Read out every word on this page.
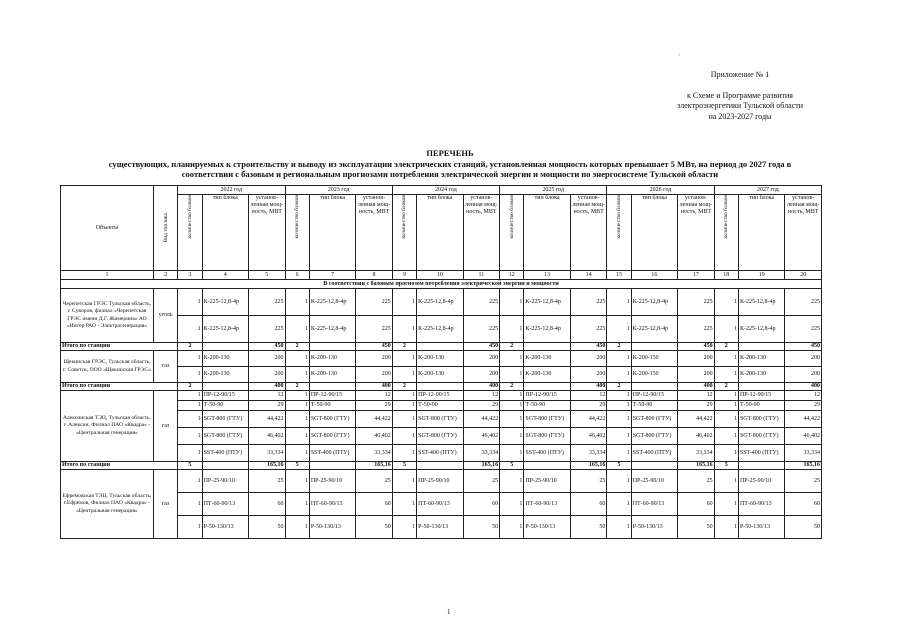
ˏ
Приложение № 1
к Схеме и Программе развития
электроэнергетики Тульской области
на 2023-2027 годы
ПЕРЕЧЕНЬ
существующих, планируемых к строительству и выводу из эксплуатации электрических станций, установленная мощность которых превышает 5 МВт, на период до 2027 года в
соответствии с базовым и региональным прогнозами потребления электрической энергии и мощности по энергосистеме Тульской области
Объекты	Вид топлива	2022 год			2023 год			2024 год			2025 год			2026 год			2027 год		

		количество блоков	тип блока	установ-ленная мощ-ность, МВТ	количество блоков	тип блока	установ-ленная мощ-ность, МВТ	количество блоков	тип блока	установ-ленная мощ-ность, МВТ	количество блоков	тип блока	установ-ленная мощ-ность, МВТ	количество блоков	тип блока	установ-ленная мощ-ность, МВТ	количество блоков	тип блока	установ-ленная мощ-ность, МВТ
1	2	3	4	5	6	7	8	9	10	11	12	13	14	15	16	17	18	19	20
В соответствии с базовым прогнозом потребления электрической энергии и мощности																			
Черепетская ГРЭС Тульская область, г. Суворов, филиал «Черепетская ГРЭС имени Д.Г. Жимерина» АО «Интер РАО - Электрогенерация»	уголь	1	К-225-12,8-4р	225	1	К-225-12,8-4р	225	1	К-225-12,8-4р	225	1	К-225-12,8-4р	225	1	К-225-12,8-4р	225	1	К-225-12,8-4р	225
		1	К-225-12,8-4р	225	1	К-225-12,8-4р	225	1	К-225-12,8-4р	225	1	К-225-12,8-4р	225	1	К-225-12,8-4р	225	1	К-225-12,8-4р	225
Итого по станции		2		450	2		450	2		450	2		450	2		450	2		450
Щекинская ГРЭС, Тульская область, г. Советск, ООО «Щекинская ГРЭС»	газ	1	К-200-130	200	1	К-200-130	200	1	К-200-130	200	1	К-200-130	200	1	К-200-130	200	1	К-200-130	200
		1	К-200-130	200	1	К-200-130	200	1	К-200-130	200	1	К-200-130	200	1	К-200-130	200	1	К-200-130	200
Итого по станции		2		400	2		400	2		400	2		400	2		400	2		400
Алексинская ТЭЦ, Тульская область, г. Алексин, Филиал ПАО «Квадра» - «Центральная генерация»	газ	1	ПР-12-90/15	12	1	ПР-12-90/15	12	1	ПР-12-90/15	12	1	ПР-12-90/15	12	1	ПР-12-90/15	12	1	ПР-12-90/15	12
		1	Т-50-90	29	1	Т-50-90	29	1	Т-50-90	29	1	Т-50-90	29	1	Т-50-90	29	1	Т-50-90	29
		1	SGT-800 (ГТУ)	44,422	1	SGT-800 (ГТУ)	44,422	1	SGT-800 (ГТУ)	44,422	1	SGT-800 (ГТУ)	44,422	1	SGT-800 (ГТУ)	44,422	1	SGT-800 (ГТУ)	44,422
		1	SGT-800 (ГТУ)	46,402	1	SGT-800 (ГТУ)	46,402	1	SGT-800 (ГТУ)	46,402	1	SGT-800 (ГТУ)	46,402	1	SGT-800 (ГТУ)	46,402	1	SGT-800 (ГТУ)	46,402
		1	SST-400 (ПТУ)	33,334	1	SST-400 (ПТУ)	33,334	1	SST-400 (ПТУ)	33,334	1	SST-400 (ПТУ)	33,334	1	SST-400 (ПТУ)	33,334	1	SST-400 (ПТУ)	33,334
Итого по станции		5		165,16	5		165,16	5		165,16	5		165,16	5		165,16	5		165,16
Ефремовская ТЭЦ, Тульская область, г.Ефремов, Филиал ПАО «Квадра» - «Центральная генерация»	газ	1	ПР-25-90/10	25	1	ПР-25-90/10	25	1	ПР-25-90/10	25	1	ПР-25-90/10	25	1	ПР-25-90/10	25	1	ПР-25-90/10	25
		1	ПТ-60-90/13	60	1	ПТ-60-90/13	60	1	ПТ-60-90/13	60	1	ПТ-60-90/13	60	1	ПТ-60-90/13	60	1	ПТ-60-90/13	60
		1	Р-50-130/13	50	1	Р-50-130/13	50	1	Р-50-130/13	50	1	Р-50-130/13	50	1	Р-50-130/13	50	1	Р-50-130/13	50
1
